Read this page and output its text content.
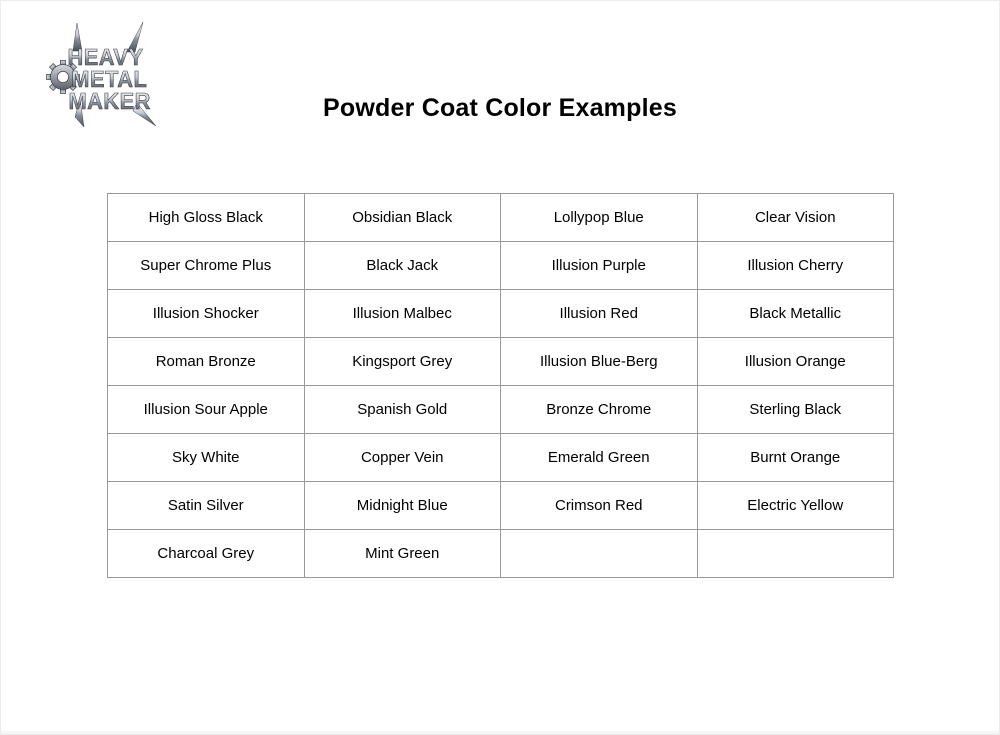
HEAVY
METAL
MAKER	Powder Coat Color Examples
High Gloss Black	Obsidian Black	Lollypop Blue	Clear Vision
Super Chrome Plus	Black Jack	Illusion Purple	Illusion Cherry
Illusion Shocker	Illusion Malbec	Illusion Red	Black Metallic
Roman Bronze	Kingsport Grey	Illusion Blue-Berg	Illusion Orange
Illusion Sour Apple	Spanish Gold	Bronze Chrome	Sterling Black
Sky White	Copper Vein	Emerald Green	Burnt Orange
Satin Silver	Midnight Blue	Crimson Red	Electric Yellow
Charcoal Grey	Mint Green		
